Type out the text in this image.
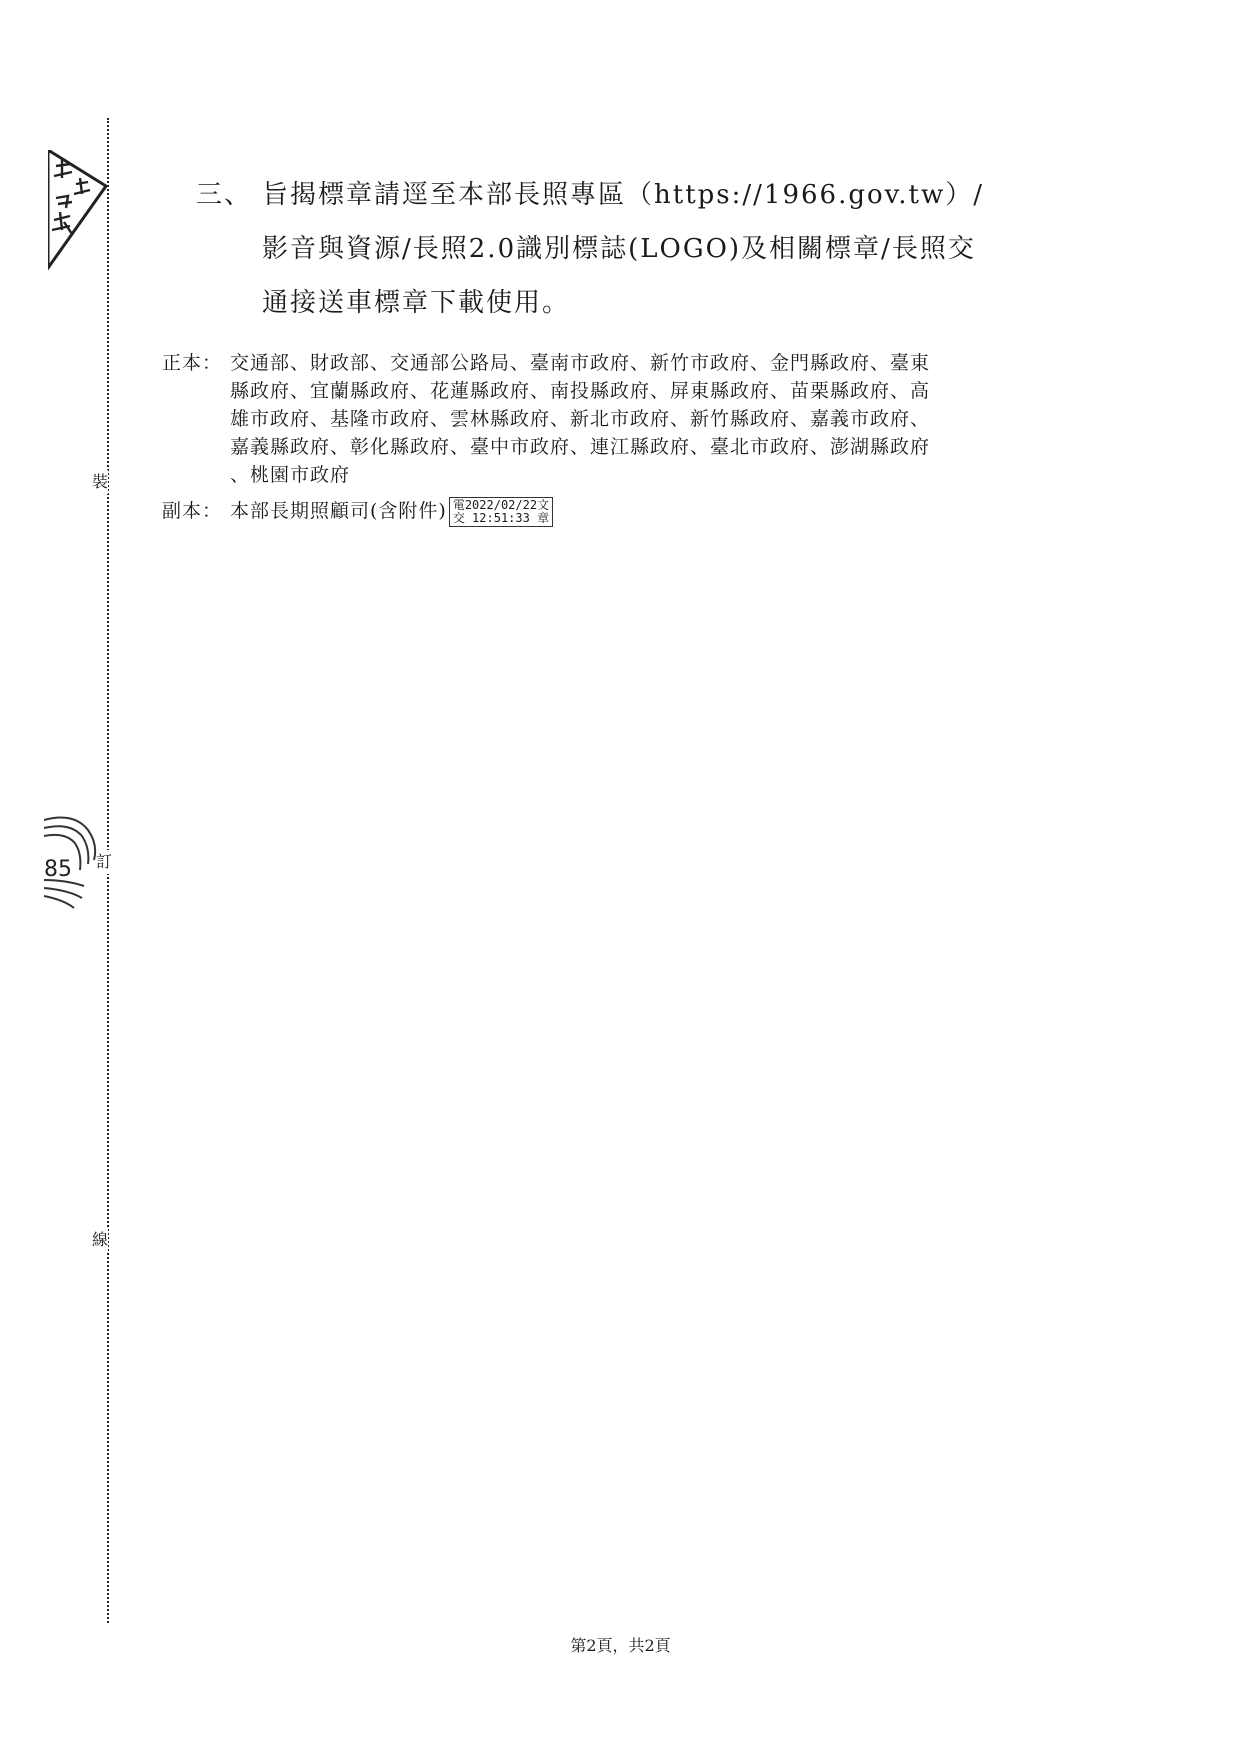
裝
訂
線
85
三、 旨揭標章請逕至本部長照專區（https://1966.gov.tw）/
影音與資源/長照2.0識別標誌(LOGO)及相關標章/長照交
通接送車標章下載使用。
正本： 交通部、財政部、交通部公路局、臺南市政府、新竹市政府、金門縣政府、臺東
縣政府、宜蘭縣政府、花蓮縣政府、南投縣政府、屏東縣政府、苗栗縣政府、高
雄市政府、基隆市政府、雲林縣政府、新北市政府、新竹縣政府、嘉義市政府、
嘉義縣政府、彰化縣政府、臺中市政府、連江縣政府、臺北市政府、澎湖縣政府
、桃園市政府
副本： 本部長期照顧司(含附件) 電2022/02/22文
交 12:51:33 章
第2頁，共2頁
